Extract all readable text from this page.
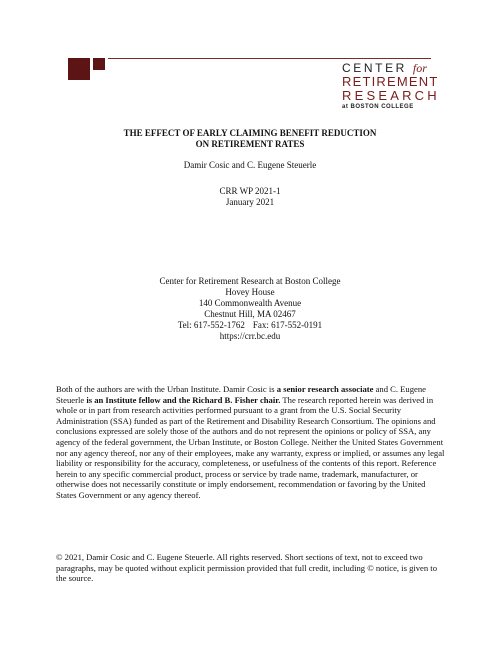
CENTER for
RETIREMENT
RESEARCH
at BOSTON COLLEGE
THE EFFECT OF EARLY CLAIMING BENEFIT REDUCTION
ON RETIREMENT RATES
Damir Cosic and C. Eugene Steuerle
CRR WP 2021-1
January 2021
Center for Retirement Research at Boston College
Hovey House
140 Commonwealth Avenue
Chestnut Hill, MA 02467
Tel: 617-552-1762 Fax: 617-552-0191
https://crr.bc.edu
Both of the authors are with the Urban Institute. Damir Cosic is a senior research associate and C. Eugene Steuerle is an Institute fellow and the Richard B. Fisher chair. The research reported herein was derived in whole or in part from research activities performed pursuant to a grant from the U.S. Social Security Administration (SSA) funded as part of the Retirement and Disability Research Consortium. The opinions and conclusions expressed are solely those of the authors and do not represent the opinions or policy of SSA, any agency of the federal government, the Urban Institute, or Boston College. Neither the United States Government nor any agency thereof, nor any of their employees, make any warranty, express or implied, or assumes any legal liability or responsibility for the accuracy, completeness, or usefulness of the contents of this report. Reference herein to any specific commercial product, process or service by trade name, trademark, manufacturer, or otherwise does not necessarily constitute or imply endorsement, recommendation or favoring by the United States Government or any agency thereof.
© 2021, Damir Cosic and C. Eugene Steuerle. All rights reserved. Short sections of text, not to exceed two paragraphs, may be quoted without explicit permission provided that full credit, including © notice, is given to the source.
